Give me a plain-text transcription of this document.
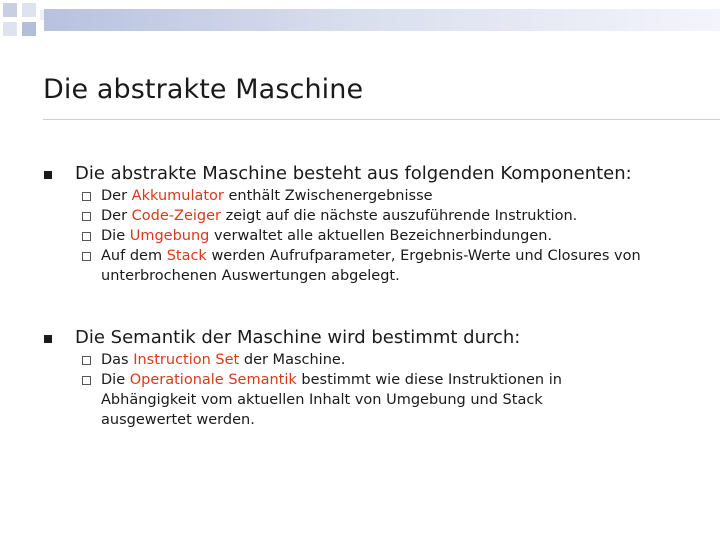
Die abstrakte Maschine
Die abstrakte Maschine besteht aus folgenden Komponenten:
Der Akkumulator enthält Zwischenergebnisse
Der Code-Zeiger zeigt auf die nächste auszuführende Instruktion.
Die Umgebung verwaltet alle aktuellen Bezeichnerbindungen.
Auf dem Stack werden Aufrufparameter, Ergebnis-Werte und Closures von unterbrochenen Auswertungen abgelegt.
Die Semantik der Maschine wird bestimmt durch:
Das Instruction Set der Maschine.
Die Operationale Semantik bestimmt wie diese Instruktionen in Abhängigkeit vom aktuellen Inhalt von Umgebung und Stack ausgewertet werden.
